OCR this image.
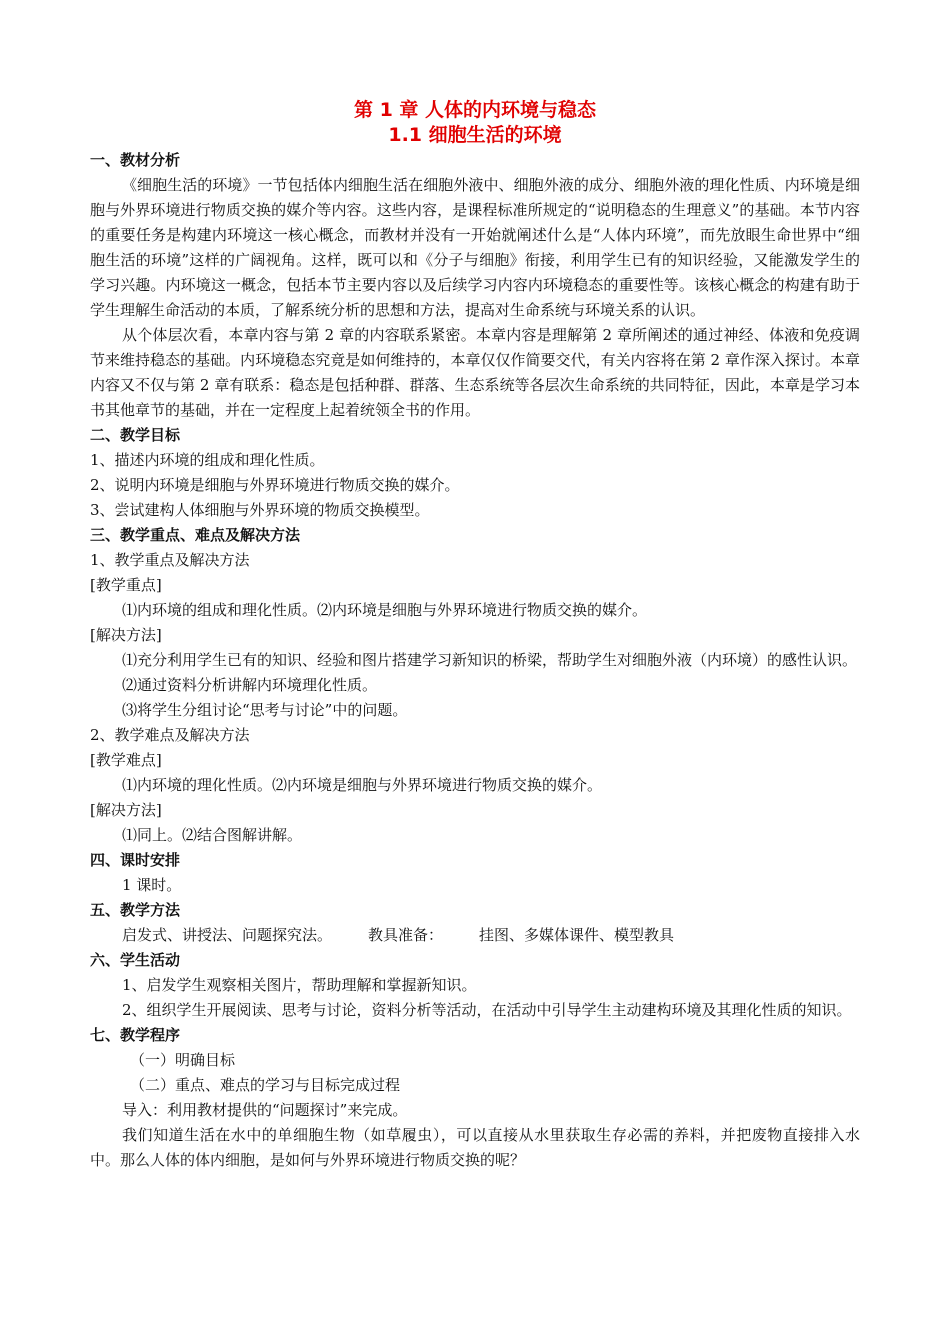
第 1 章 人体的内环境与稳态
1.1 细胞生活的环境
一、教材分析
《细胞生活的环境》一节包括体内细胞生活在细胞外液中、细胞外液的成分、细胞外液的理化性质、内环境是细胞与外界环境进行物质交换的媒介等内容。这些内容，是课程标准所规定的“说明稳态的生理意义”的基础。本节内容的重要任务是构建内环境这一核心概念，而教材并没有一开始就阐述什么是“人体内环境”，而先放眼生命世界中“细胞生活的环境”这样的广阔视角。这样，既可以和《分子与细胞》衔接，利用学生已有的知识经验，又能激发学生的学习兴趣。内环境这一概念，包括本节主要内容以及后续学习内容内环境稳态的重要性等。该核心概念的构建有助于学生理解生命活动的本质，了解系统分析的思想和方法，提高对生命系统与环境关系的认识。
从个体层次看，本章内容与第 2 章的内容联系紧密。本章内容是理解第 2 章所阐述的通过神经、体液和免疫调节来维持稳态的基础。内环境稳态究竟是如何维持的，本章仅仅作简要交代，有关内容将在第 2 章作深入探讨。本章内容又不仅与第 2 章有联系：稳态是包括种群、群落、生态系统等各层次生命系统的共同特征，因此，本章是学习本书其他章节的基础，并在一定程度上起着统领全书的作用。
二、教学目标
1、描述内环境的组成和理化性质。
2、说明内环境是细胞与外界环境进行物质交换的媒介。
3、尝试建构人体细胞与外界环境的物质交换模型。
三、教学重点、难点及解决方法
1、教学重点及解决方法
[教学重点]
⑴内环境的组成和理化性质。⑵内环境是细胞与外界环境进行物质交换的媒介。
[解决方法]
⑴充分利用学生已有的知识、经验和图片搭建学习新知识的桥梁，帮助学生对细胞外液（内环境）的感性认识。
⑵通过资料分析讲解内环境理化性质。
⑶将学生分组讨论“思考与讨论”中的问题。
2、教学难点及解决方法
[教学难点]
⑴内环境的理化性质。⑵内环境是细胞与外界环境进行物质交换的媒介。
[解决方法]
⑴同上。⑵结合图解讲解。
四、课时安排
1 课时。
五、教学方法
启发式、讲授法、问题探究法。 教具准备： 挂图、多媒体课件、模型教具
六、学生活动
1、启发学生观察相关图片，帮助理解和掌握新知识。
2、组织学生开展阅读、思考与讨论，资料分析等活动，在活动中引导学生主动建构环境及其理化性质的知识。
七、教学程序
（一）明确目标
（二）重点、难点的学习与目标完成过程
导入：利用教材提供的“问题探讨”来完成。
我们知道生活在水中的单细胞生物（如草履虫），可以直接从水里获取生存必需的养料，并把废物直接排入水中。那么人体的体内细胞，是如何与外界环境进行物质交换的呢？
